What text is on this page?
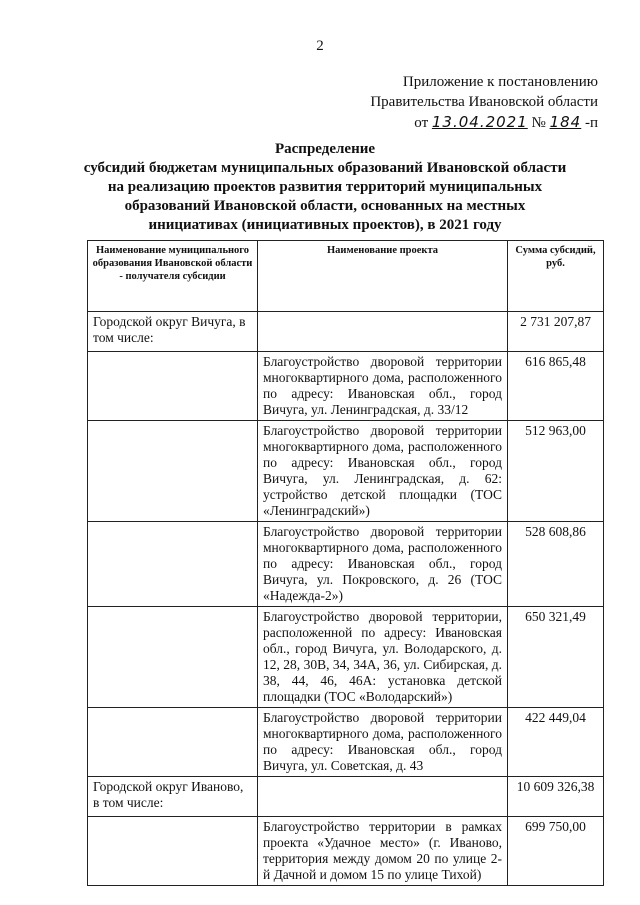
2
Приложение к постановлению
Правительства Ивановской области
от 13.04.2021 № 184 -п
Распределение
субсидий бюджетам муниципальных образований Ивановской области
на реализацию проектов развития территорий муниципальных
образований Ивановской области, основанных на местных
инициативах (инициативных проектов), в 2021 году
Наименование муниципального образования Ивановской области - получателя субсидии	Наименование проекта	Сумма субсидий, руб.
Городской округ Вичуга, в том числе:		2 731 207,87
	Благоустройство дворовой территории многоквартирного дома, расположенного по адресу: Ивановская обл., город Вичуга, ул. Ленинградская, д. 33/12	616 865,48
	Благоустройство дворовой территории многоквартирного дома, расположенного по адресу: Ивановская обл., город Вичуга, ул. Ленинградская, д. 62: устройство детской площадки (ТОС «Ленинградский»)	512 963,00
	Благоустройство дворовой территории многоквартирного дома, расположенного по адресу: Ивановская обл., город Вичуга, ул. Покровского, д. 26 (ТОС «Надежда-2»)	528 608,86
	Благоустройство дворовой территории, расположенной по адресу: Ивановская обл., город Вичуга, ул. Володарского, д. 12, 28, 30В, 34, 34А, 36, ул. Сибирская, д. 38, 44, 46, 46А: установка детской площадки (ТОС «Володарский»)	650 321,49
	Благоустройство дворовой территории многоквартирного дома, расположенного по адресу: Ивановская обл., город Вичуга, ул. Советская, д. 43	422 449,04
Городской округ Иваново, в том числе:		10 609 326,38
	Благоустройство территории в рамках проекта «Удачное место» (г. Иваново, территория между домом 20 по улице 2-й Дачной и домом 15 по улице Тихой)	699 750,00
